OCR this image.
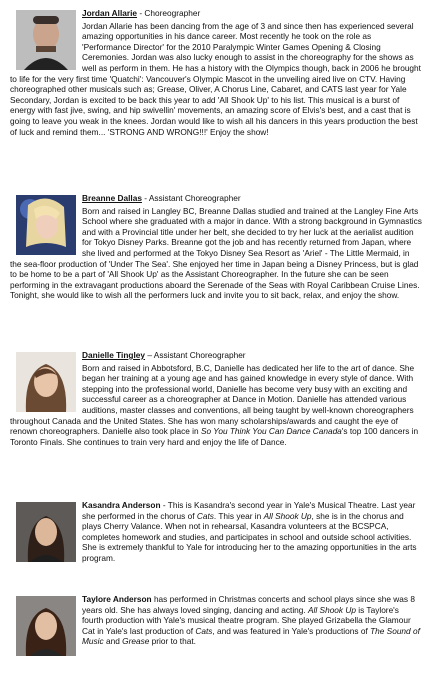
Jordan Allarie - Choreographer

Jordan Allarie has been dancing from the age of 3 and since then has experienced several amazing opportunities in his dance career. Most recently he took on the role as 'Performance Director' for the 2010 Paralympic Winter Games Opening & Closing Ceremonies. Jordan was also lucky enough to assist in the choreography for the shows as well as perform in them. He has a history with the Olympics though, back in 2006 he brought to life for the very first time 'Quatchi': Vancouver's Olympic Mascot in the unveiling aired live on CTV. Having choreographed other musicals such as; Grease, Oliver, A Chorus Line, Cabaret, and CATS last year for Yale Secondary, Jordan is excited to be back this year to add 'All Shook Up' to his list. This musical is a burst of energy with fast jive, swing, and hip swivellin' movements, an amazing score of Elvis's best, and a cast that is going to leave you weak in the knees. Jordan would like to wish all his dancers in this years production the best of luck and remind them... 'STRONG AND WRONG!!!' Enjoy the show!

Breanne Dallas - Assistant Choreographer

Born and raised in Langley BC, Breanne Dallas studied and trained at the Langley Fine Arts School where she graduated with a major in dance. With a strong background in Gymnastics and with a Provincial title under her belt, she decided to try her luck at the aerialist audition for Tokyo Disney Parks. Breanne got the job and has recently returned from Japan, where she lived and performed at the Tokyo Disney Sea Resort as 'Ariel' - The Little Mermaid, in the sea-floor production of 'Under The Sea'. She enjoyed her time in Japan being a Disney Princess, but is glad to be home to be a part of 'All Shook Up' as the Assistant Choreographer. In the future she can be seen performing in the extravagant productions aboard the Serenade of the Seas with Royal Caribbean Cruise Lines. Tonight, she would like to wish all the performers luck and invite you to sit back, relax, and enjoy the show.

Danielle Tingley – Assistant Choreographer

Born and raised in Abbotsford, B.C, Danielle has dedicated her life to the art of dance. She began her training at a young age and has gained knowledge in every style of dance. With stepping into the professional world, Danielle has become very busy with an exciting and successful career as a choreographer at Dance in Motion. Danielle has attended various auditions, master classes and conventions, all being taught by well-known choreographers throughout Canada and the United States. She has won many scholarships/awards and caught the eye of renown choreographers. Danielle also took place in So You Think You Can Dance Canada's top 100 dancers in Toronto Finals. She continues to train very hard and enjoy the life of Dance.

Kasandra Anderson - This is Kasandra's second year in Yale's Musical Theatre. Last year she performed in the chorus of Cats. This year in All Shook Up, she is in the chorus and plays Cherry Valance. When not in rehearsal, Kasandra volunteers at the BCSPCA, completes homework and studies, and participates in school and outside school activities. She is extremely thankful to Yale for introducing her to the amazing opportunities in the arts program.
Taylore Anderson has performed in Christmas concerts and school plays since she was 8 years old. She has always loved singing, dancing and acting. All Shook Up is Taylore's fourth production with Yale's musical theatre program. She played Grizabella the Glamour Cat in Yale's last production of Cats, and was featured in Yale's productions of The Sound of Music and Grease prior to that.
